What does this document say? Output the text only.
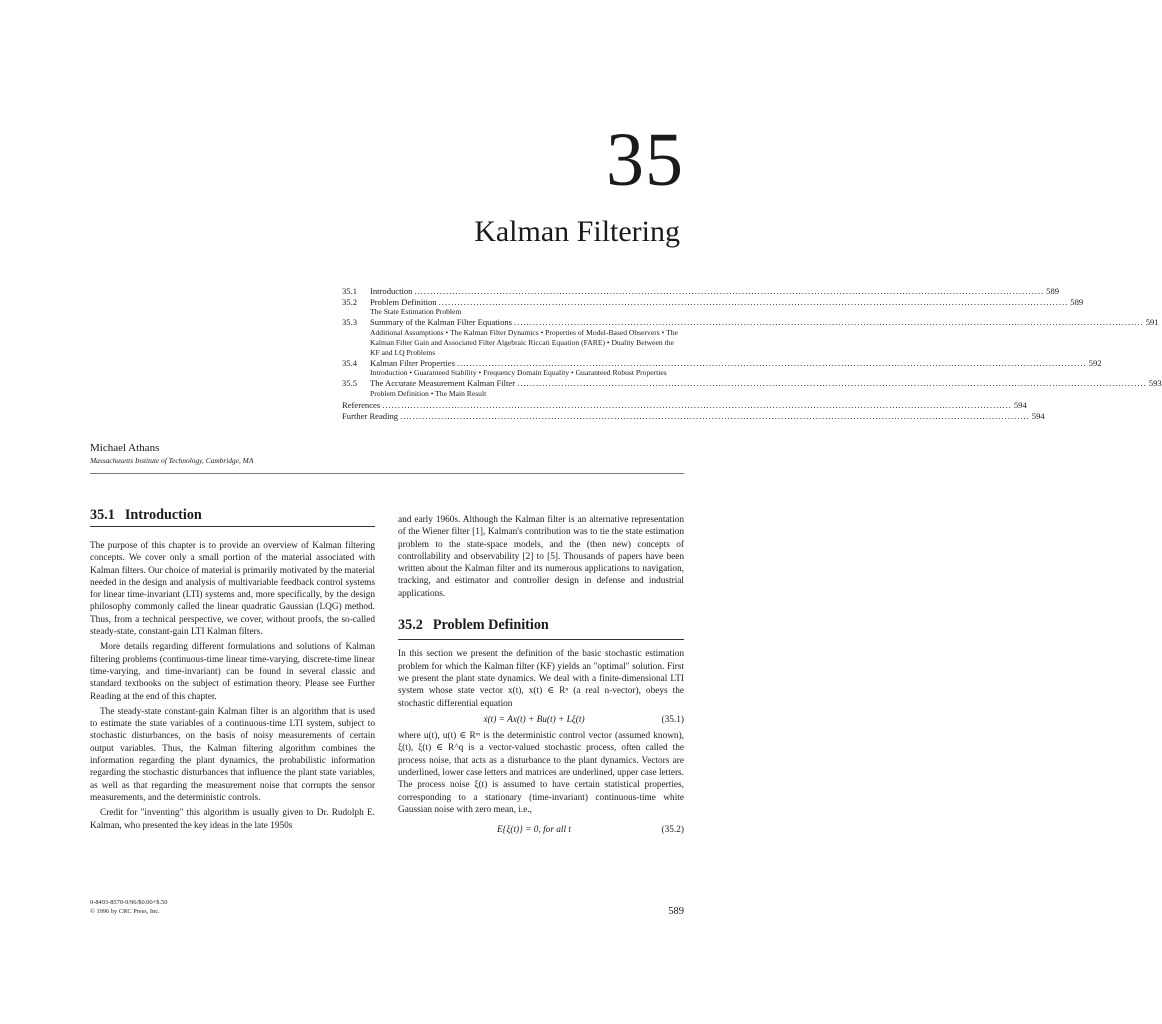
35
Kalman Filtering
35.1	Introduction ........................................................................................................................................................................................................ 589
35.2	Problem Definition ........................................................................................................................................................................................................ 589
The State Estimation Problem
35.3	Summary of the Kalman Filter Equations ........................................................................................................................................................................................................ 591
Additional Assumptions • The Kalman Filter Dynamics • Properties of Model-Based Observers • The Kalman Filter Gain and Associated Filter Algebraic Riccati Equation (FARE) • Duality Between the KF and LQ Problems
35.4	Kalman Filter Properties ........................................................................................................................................................................................................ 592
Introduction • Guaranteed Stability • Frequency Domain Equality • Guaranteed Robust Properties
35.5	The Accurate Measurement Kalman Filter ........................................................................................................................................................................................................ 593
Problem Definition • The Main Result
References ........................................................................................................................................................................................................ 594
Further Reading ........................................................................................................................................................................................................ 594
Michael Athans
Massachusetts Institute of Technology, Cambridge, MA
35.1 Introduction

The purpose of this chapter is to provide an overview of Kalman filtering concepts. We cover only a small portion of the material associated with Kalman filters. Our choice of material is primarily motivated by the material needed in the design and analysis of multivariable feedback control systems for linear time-invariant (LTI) systems and, more specifically, by the design philosophy commonly called the linear quadratic Gaussian (LQG) method. Thus, from a technical perspective, we cover, without proofs, the so-called steady-state, constant-gain LTI Kalman filters.

More details regarding different formulations and solutions of Kalman filtering problems (continuous-time linear time-varying, discrete-time linear time-varying, and time-invariant) can be found in several classic and standard textbooks on the subject of estimation theory. Please see Further Reading at the end of this chapter.

The steady-state constant-gain Kalman filter is an algorithm that is used to estimate the state variables of a continuous-time LTI system, subject to stochastic disturbances, on the basis of noisy measurements of certain output variables. Thus, the Kalman filtering algorithm combines the information regarding the plant dynamics, the probabilistic information regarding the stochastic disturbances that influence the plant state variables, as well as that regarding the measurement noise that corrupts the sensor measurements, and the deterministic controls.

Credit for "inventing" this algorithm is usually given to Dr. Rudolph E. Kalman, who presented the key ideas in the late 1950s

and early 1960s. Although the Kalman filter is an alternative representation of the Wiener filter [1], Kalman's contribution was to tie the state estimation problem to the state-space models, and the (then new) concepts of controllability and observability [2] to [5]. Thousands of papers have been written about the Kalman filter and its numerous applications to navigation, tracking, and estimator and controller design in defense and industrial applications.

35.2 Problem Definition

In this section we present the definition of the basic stochastic estimation problem for which the Kalman filter (KF) yields an "optimal" solution. First we present the plant state dynamics. We deal with a finite-dimensional LTI system whose state vector x(t), x(t) ∈ Rⁿ (a real n-vector), obeys the stochastic differential equation

ẋ(t) = Ax(t) + Bu(t) + Lξ(t)	(35.1)

where u(t), u(t) ∈ Rᵐ is the deterministic control vector (assumed known), ξ(t), ξ(t) ∈ R^q is a vector-valued stochastic process, often called the process noise, that acts as a disturbance to the plant dynamics. Vectors are underlined, lower case letters and matrices are underlined, upper case letters. The process noise ξ(t) is assumed to have certain statistical properties, corresponding to a stationary (time-invariant) continuous-time white Gaussian noise with zero mean, i.e.,

E{ξ(t)} = 0, for all t	(35.2)
0-8493-8570-9/96/$0.00+$.50
© 1996 by CRC Press, Inc.	589
